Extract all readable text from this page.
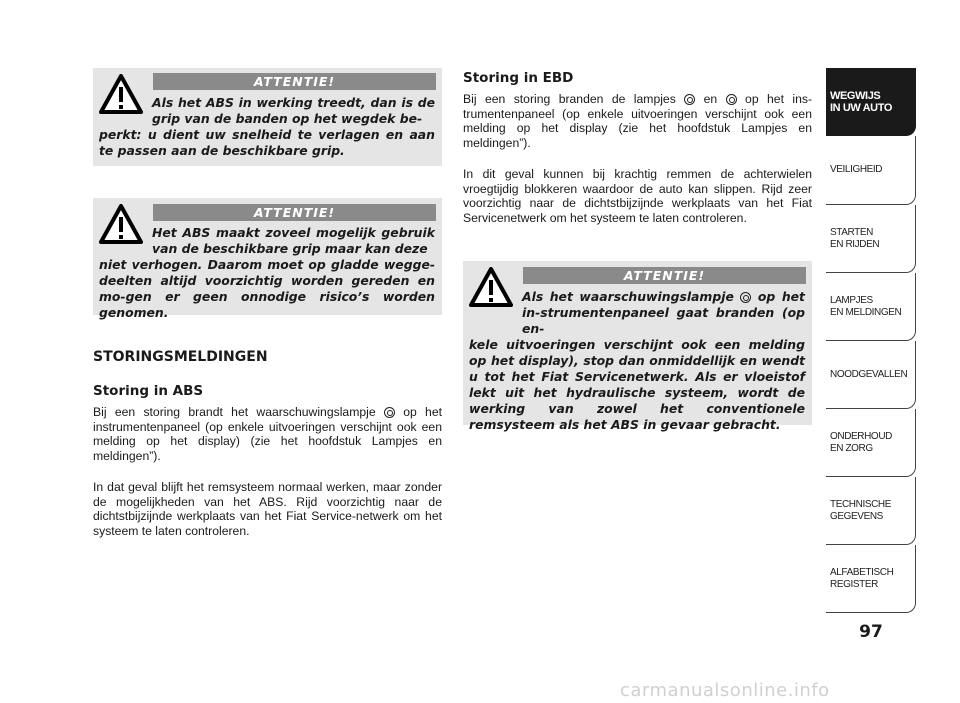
ATTENTIE!
Als het ABS in werking treedt, dan is de grip van de banden op het wegdek be-
perkt: u dient uw snelheid te verlagen en aan te passen aan de beschikbare grip.
ATTENTIE!
Het ABS maakt zoveel mogelijk gebruik van de beschikbare grip maar kan deze
niet verhogen. Daarom moet op gladde wegge-deelten altijd voorzichtig worden gereden en mo-gen er geen onnodige risico’s worden genomen.
STORINGSMELDINGEN
Storing in ABS
Bij een storing brandt het waarschuwingslampje op het instrumentenpaneel (op enkele uitvoeringen verschijnt ook een melding op het display) (zie het hoofdstuk Lampjes en meldingen”).
In dat geval blijft het remsysteem normaal werken, maar zonder de mogelijkheden van het ABS. Rijd voorzichtig naar de dichtstbijzijnde werkplaats van het Fiat Service-netwerk om het systeem te laten controleren.
Storing in EBD
Bij een storing branden de lampjes en op het ins-trumentenpaneel (op enkele uitvoeringen verschijnt ook een melding op het display (zie het hoofdstuk Lampjes en meldingen”).
In dit geval kunnen bij krachtig remmen de achterwielen vroegtijdig blokkeren waardoor de auto kan slippen. Rijd zeer voorzichtig naar de dichtstbijzijnde werkplaats van het Fiat Servicenetwerk om het systeem te laten controleren.
ATTENTIE!
Als het waarschuwingslampje op het in-strumentenpaneel gaat branden (op en-
kele uitvoeringen verschijnt ook een melding op het display), stop dan onmiddellijk en wendt u tot het Fiat Servicenetwerk. Als er vloeistof lekt uit het hydraulische systeem, wordt de werking van zowel het conventionele remsysteem als het ABS in gevaar gebracht.
WEGWIJS
IN UW AUTO
VEILIGHEID
STARTEN
EN RIJDEN
LAMPJES
EN MELDINGEN
NOODGEVALLEN
ONDERHOUD
EN ZORG
TECHNISCHE
GEGEVENS
ALFABETISCH
REGISTER
97
carmanualsonline.info
